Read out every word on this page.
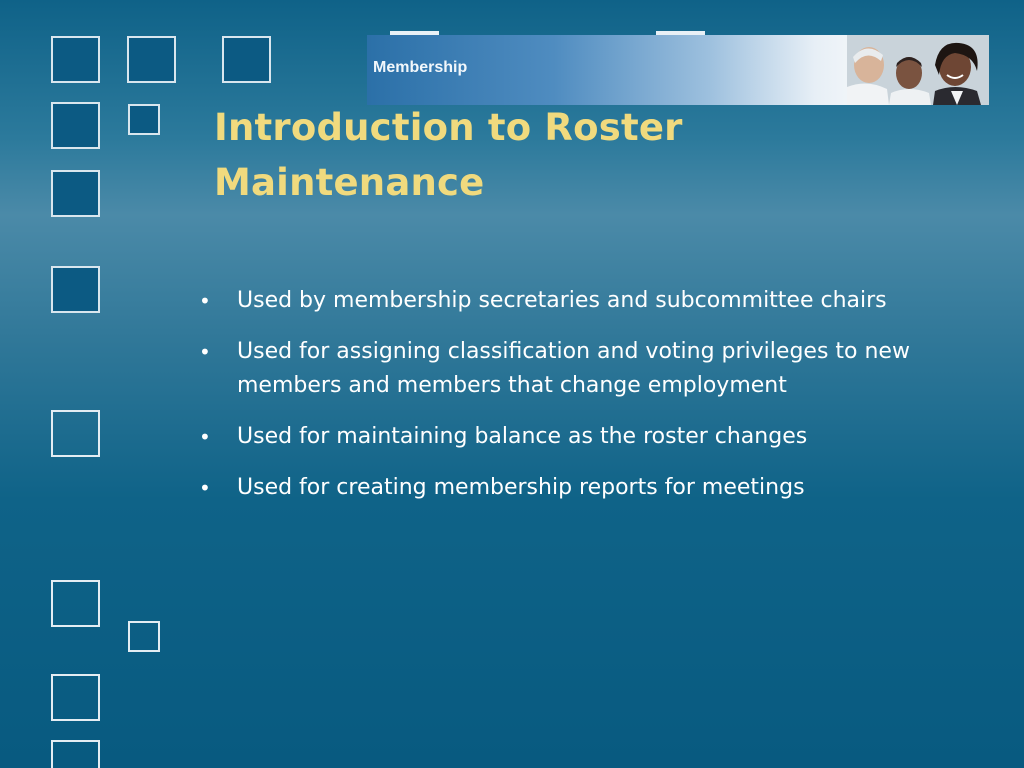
Membership
Introduction to Roster
Maintenance
• Used by membership secretaries and subcommittee chairs
• Used for assigning classification and voting privileges to new members and members that change employment
• Used for maintaining balance as the roster changes
• Used for creating membership reports for meetings
